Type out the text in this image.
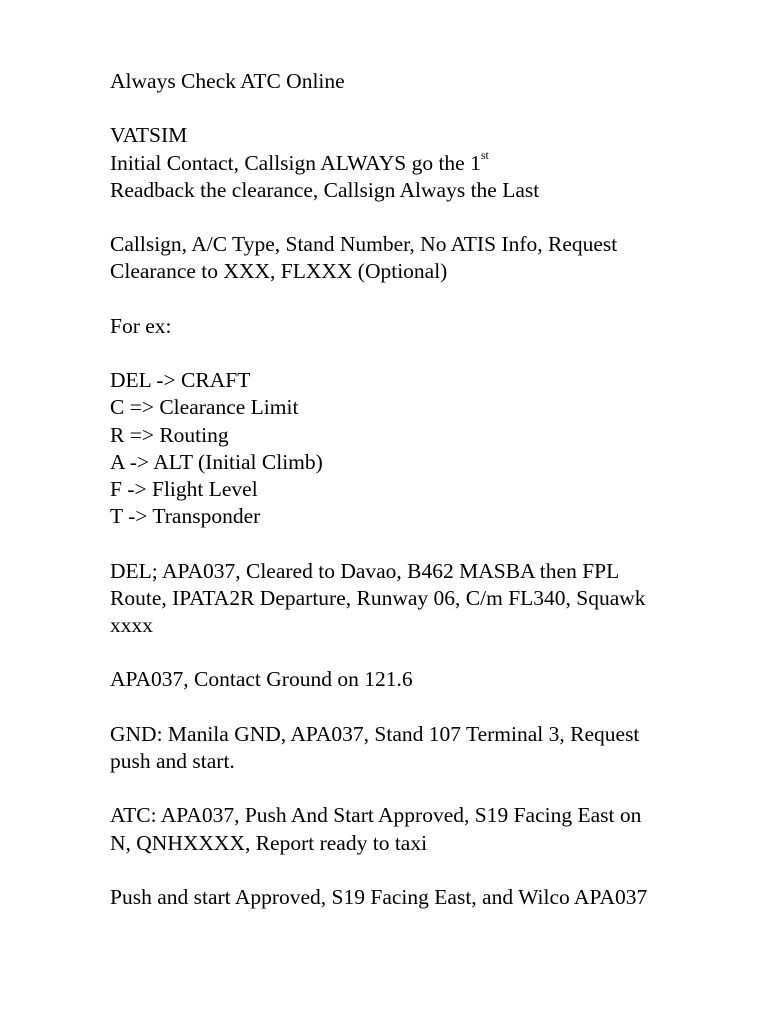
Always Check ATC Online
VATSIM
Initial Contact, Callsign ALWAYS go the 1st
Readback the clearance, Callsign Always the Last
Callsign, A/C Type, Stand Number, No ATIS Info, Request
Clearance to XXX, FLXXX (Optional)
For ex:
DEL -> CRAFT
C => Clearance Limit
R => Routing
A -> ALT (Initial Climb)
F -> Flight Level
T -> Transponder
DEL; APA037, Cleared to Davao, B462 MASBA then FPL
Route, IPATA2R Departure, Runway 06, C/m FL340, Squawk
xxxx
APA037, Contact Ground on 121.6
GND: Manila GND, APA037, Stand 107 Terminal 3, Request
push and start.
ATC: APA037, Push And Start Approved, S19 Facing East on
N, QNHXXXX, Report ready to taxi
Push and start Approved, S19 Facing East, and Wilco APA037
